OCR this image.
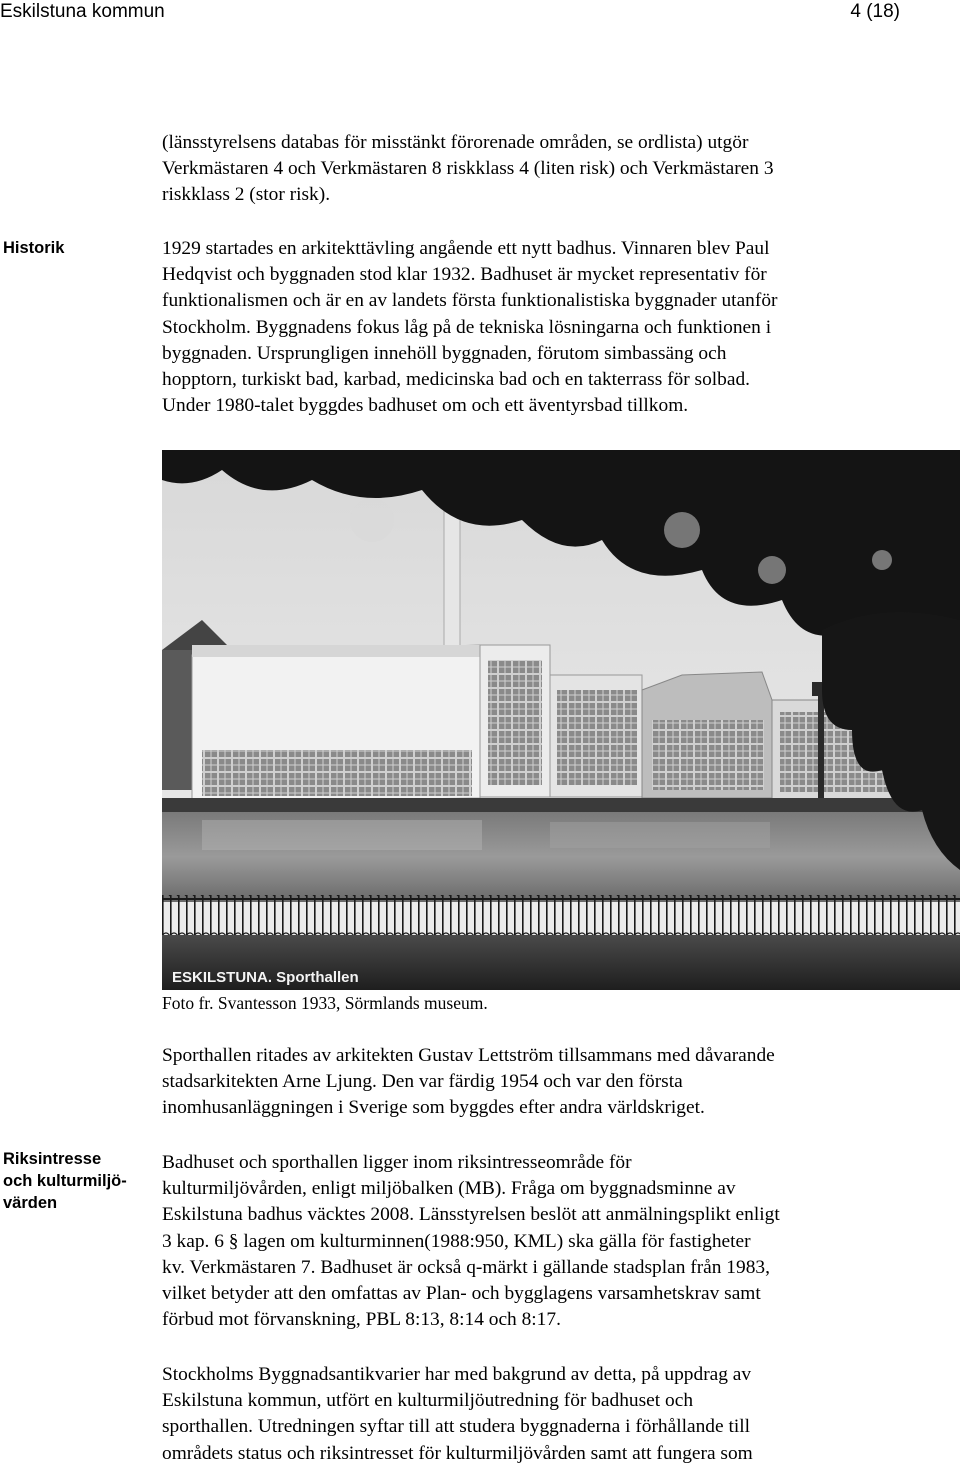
Eskilstuna kommun	4 (18)
(länsstyrelsens databas för misstänkt förorenade områden, se ordlista) utgör
Verkmästaren 4 och Verkmästaren 8 riskklass 4 (liten risk) och Verkmästaren 3
riskklass 2 (stor risk).
Historik	1929 startades en arkitekttävling angående ett nytt badhus. Vinnaren blev Paul
Hedqvist och byggnaden stod klar 1932. Badhuset är mycket representativ för
funktionalismen och är en av landets första funktionalistiska byggnader utanför
Stockholm. Byggnadens fokus låg på de tekniska lösningarna och funktionen i
byggnaden. Ursprungligen innehöll byggnaden, förutom simbassäng och
hopptorn, turkiskt bad, karbad, medicinska bad och en takterrass för solbad.
Under 1980-talet byggdes badhuset om och ett äventyrsbad tillkom.
ESKILSTUNA. Sporthallen
Foto fr. Svantesson 1933, Sörmlands museum.
Sporthallen ritades av arkitekten Gustav Lettström tillsammans med dåvarande
stadsarkitekten Arne Ljung. Den var färdig 1954 och var den första
inomhusanläggningen i Sverige som byggdes efter andra världskriget.
Riksintresse
och kulturmiljö-
värden
Badhuset och sporthallen ligger inom riksintresseområde för
kulturmiljövården, enligt miljöbalken (MB). Fråga om byggnadsminne av
Eskilstuna badhus väcktes 2008. Länsstyrelsen beslöt att anmälningsplikt enligt
3 kap. 6 § lagen om kulturminnen(1988:950, KML) ska gälla för fastigheter
kv. Verkmästaren 7. Badhuset är också q-märkt i gällande stadsplan från 1983,
vilket betyder att den omfattas av Plan- och bygglagens varsamhetskrav samt
förbud mot förvanskning, PBL 8:13, 8:14 och 8:17.
Stockholms Byggnadsantikvarier har med bakgrund av detta, på uppdrag av
Eskilstuna kommun, utfört en kulturmiljöutredning för badhuset och
sporthallen. Utredningen syftar till att studera byggnaderna i förhållande till
områdets status och riksintresset för kulturmiljövården samt att fungera som
